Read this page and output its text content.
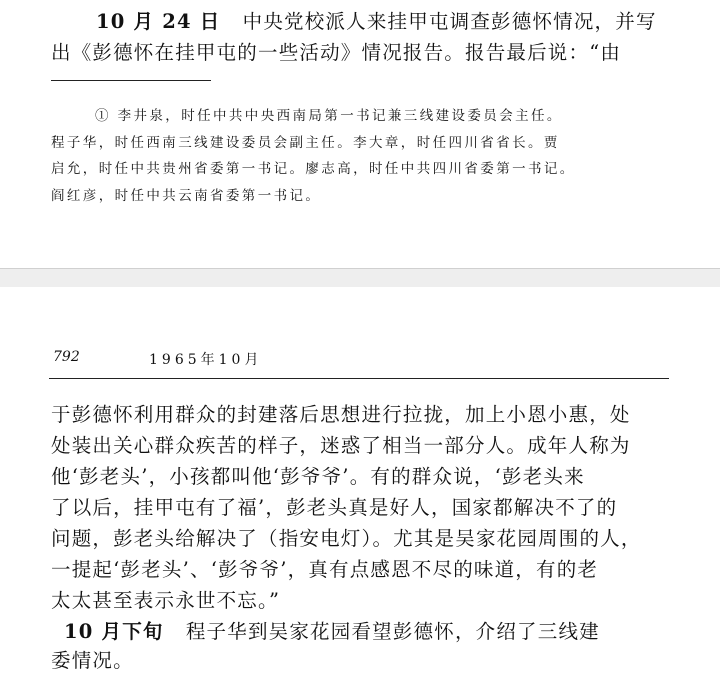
10 月 24 日 中央党校派人来挂甲屯调查彭德怀情况，并写
出《彭德怀在挂甲屯的一些活动》情况报告。报告最后说：“由
① 李井泉，时任中共中央西南局第一书记兼三线建设委员会主任。
程子华，时任西南三线建设委员会副主任。李大章，时任四川省省长。贾
启允，时任中共贵州省委第一书记。廖志高，时任中共四川省委第一书记。
阎红彦，时任中共云南省委第一书记。
792	1965年10月
于彭德怀利用群众的封建落后思想进行拉拢，加上小恩小惠，处
处装出关心群众疾苦的样子，迷惑了相当一部分人。成年人称为
他‘彭老头’，小孩都叫他‘彭爷爷’。有的群众说，‘彭老头来
了以后，挂甲屯有了福’，彭老头真是好人，国家都解决不了的
问题，彭老头给解决了（指安电灯）。尤其是吴家花园周围的人，
一提起‘彭老头’、‘彭爷爷’，真有点感恩不尽的味道，有的老
太太甚至表示永世不忘。”
10 月下旬 程子华到吴家花园看望彭德怀，介绍了三线建
委情况。
